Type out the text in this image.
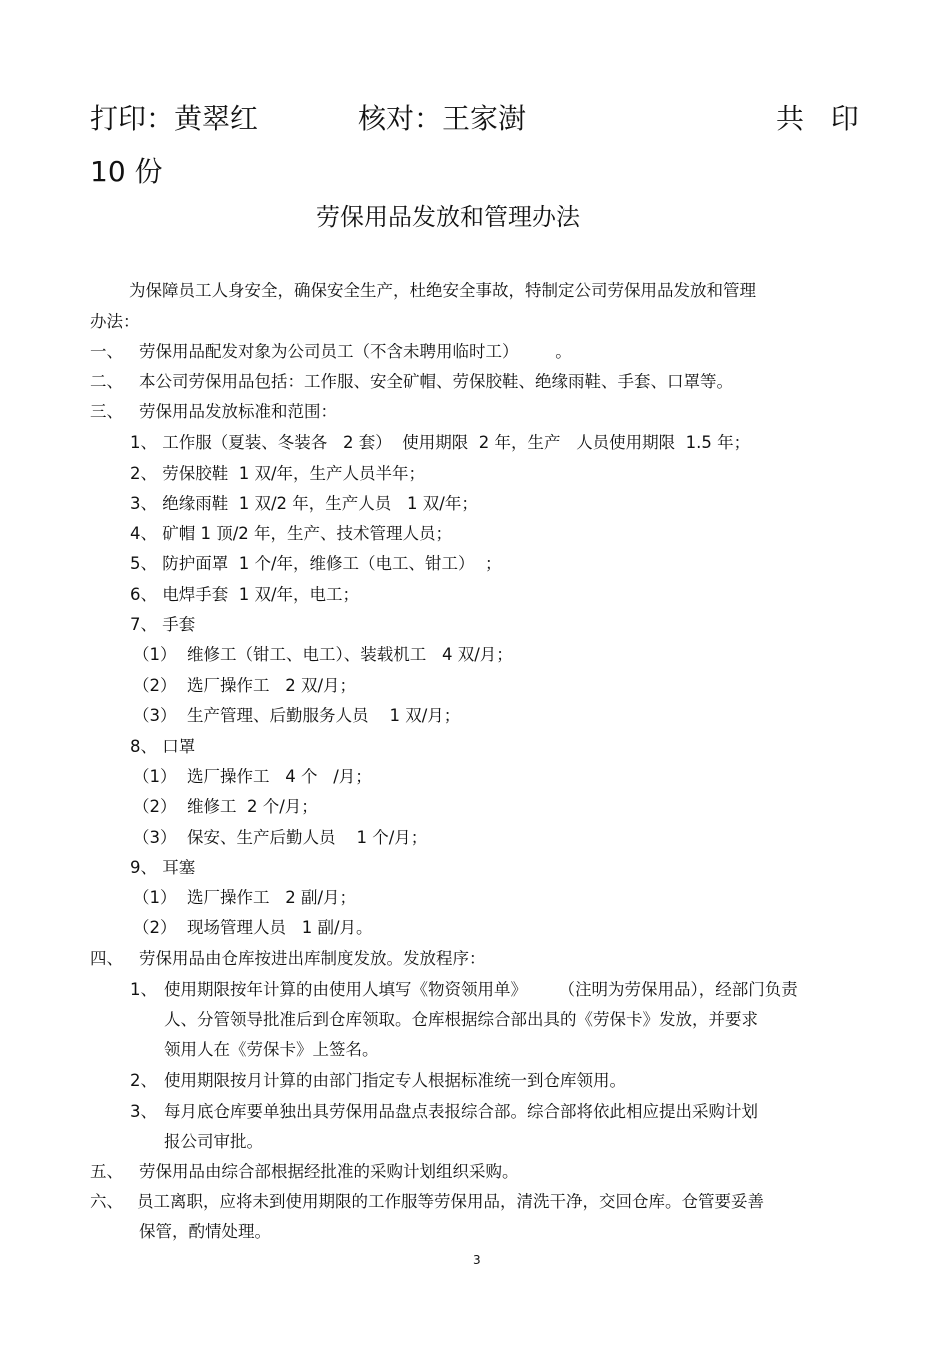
打印：黄翠红	核对：王家澍	共   印
10 份
劳保用品发放和管理办法
为保障员工人身安全，确保安全生产，杜绝安全事故，特制定公司劳保用品发放和管理
办法：
一、 劳保用品配发对象为公司员工（不含未聘用临时工）       。
二、 本公司劳保用品包括：工作服、安全矿帽、劳保胶鞋、绝缘雨鞋、手套、口罩等。
三、 劳保用品发放标准和范围：
1、 工作服（夏装、冬装各   2 套）  使用期限  2 年，生产   人员使用期限  1.5 年；
2、 劳保胶鞋  1 双/年，生产人员半年；
3、 绝缘雨鞋  1 双/2 年，生产人员   1 双/年；
4、 矿帽 1 顶/2 年，生产、技术管理人员；
5、 防护面罩  1 个/年，维修工（电工、钳工）  ；
6、 电焊手套  1 双/年，电工；
7、 手套
（1）  维修工（钳工、电工）、装载机工   4 双/月；
（2）  选厂操作工   2 双/月；
（3）  生产管理、后勤服务人员    1 双/月；
8、 口罩
（1）  选厂操作工   4 个   /月；
（2）  维修工  2 个/月；
（3）  保安、生产后勤人员    1 个/月；
9、 耳塞
（1）  选厂操作工   2 副/月；
（2）  现场管理人员   1 副/月。
四、 劳保用品由仓库按进出库制度发放。发放程序：
1、 使用期限按年计算的由使用人填写《物资领用单》      （注明为劳保用品），经部门负责
人、分管领导批准后到仓库领取。仓库根据综合部出具的《劳保卡》发放，并要求
领用人在《劳保卡》上签名。
2、 使用期限按月计算的由部门指定专人根据标准统一到仓库领用。
3、 每月底仓库要单独出具劳保用品盘点表报综合部。综合部将依此相应提出采购计划
报公司审批。
五、 劳保用品由综合部根据经批准的采购计划组织采购。
六、 员工离职，应将未到使用期限的工作服等劳保用品，清洗干净，交回仓库。仓管要妥善
保管，酌情处理。
3
